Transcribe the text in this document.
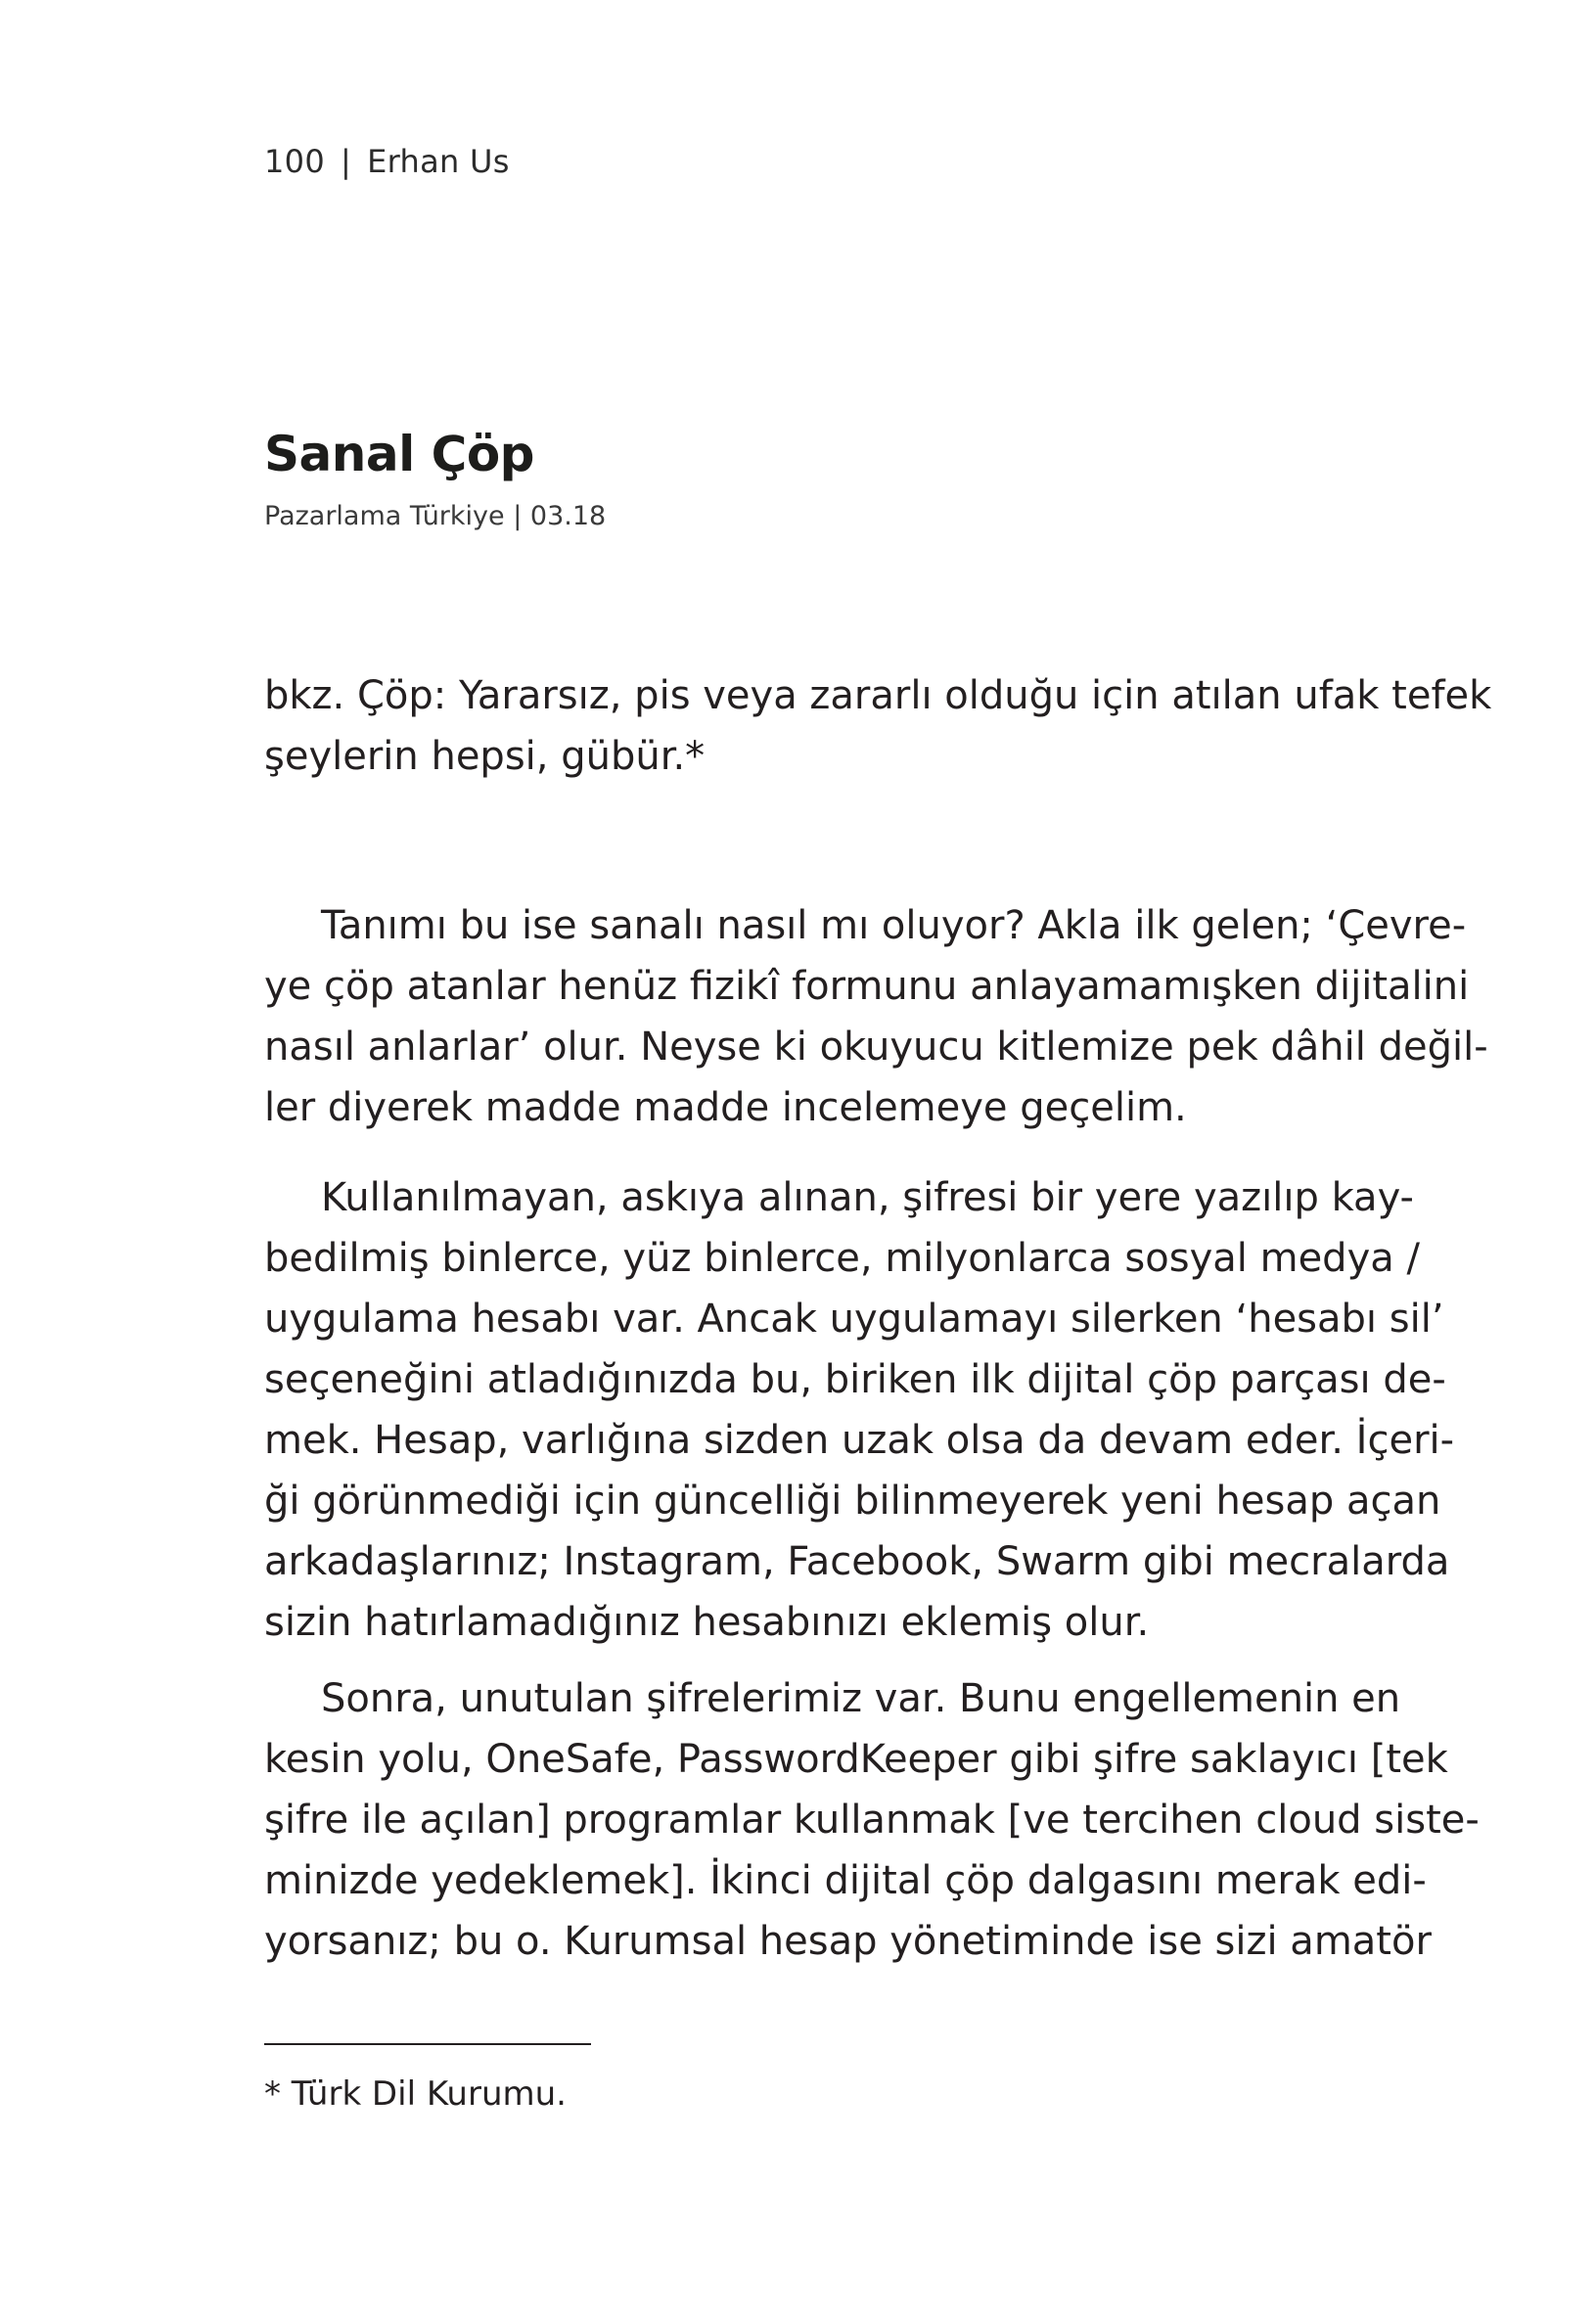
100 | Erhan Us
Sanal Çöp
Pazarlama Türkiye | 03.18

bkz. Çöp: Yararsız, pis veya zararlı olduğu için atılan ufak tefek
şeylerin hepsi, gübür.*

Tanımı bu ise sanalı nasıl mı oluyor? Akla ilk gelen; ‘Çevre-
ye çöp atanlar henüz fizikî formunu anlayamamışken dijitalini
nasıl anlarlar’ olur. Neyse ki okuyucu kitlemize pek dâhil değil-
ler diyerek madde madde incelemeye geçelim.

Kullanılmayan, askıya alınan, şifresi bir yere yazılıp kay-
bedilmiş binlerce, yüz binlerce, milyonlarca sosyal medya /
uygulama hesabı var. Ancak uygulamayı silerken ‘hesabı sil’
seçeneğini atladığınızda bu, biriken ilk dijital çöp parçası de-
mek. Hesap, varlığına sizden uzak olsa da devam eder. İçeri-
ği görünmediği için güncelliği bilinmeyerek yeni hesap açan
arkadaşlarınız; Instagram, Facebook, Swarm gibi mecralarda
sizin hatırlamadığınız hesabınızı eklemiş olur.

Sonra, unutulan şifrelerimiz var. Bunu engellemenin en
kesin yolu, OneSafe, PasswordKeeper gibi şifre saklayıcı [tek
şifre ile açılan] programlar kullanmak [ve tercihen cloud siste-
minizde yedeklemek]. İkinci dijital çöp dalgasını merak edi-
yorsanız; bu o. Kurumsal hesap yönetiminde ise sizi amatör

* Türk Dil Kurumu.
